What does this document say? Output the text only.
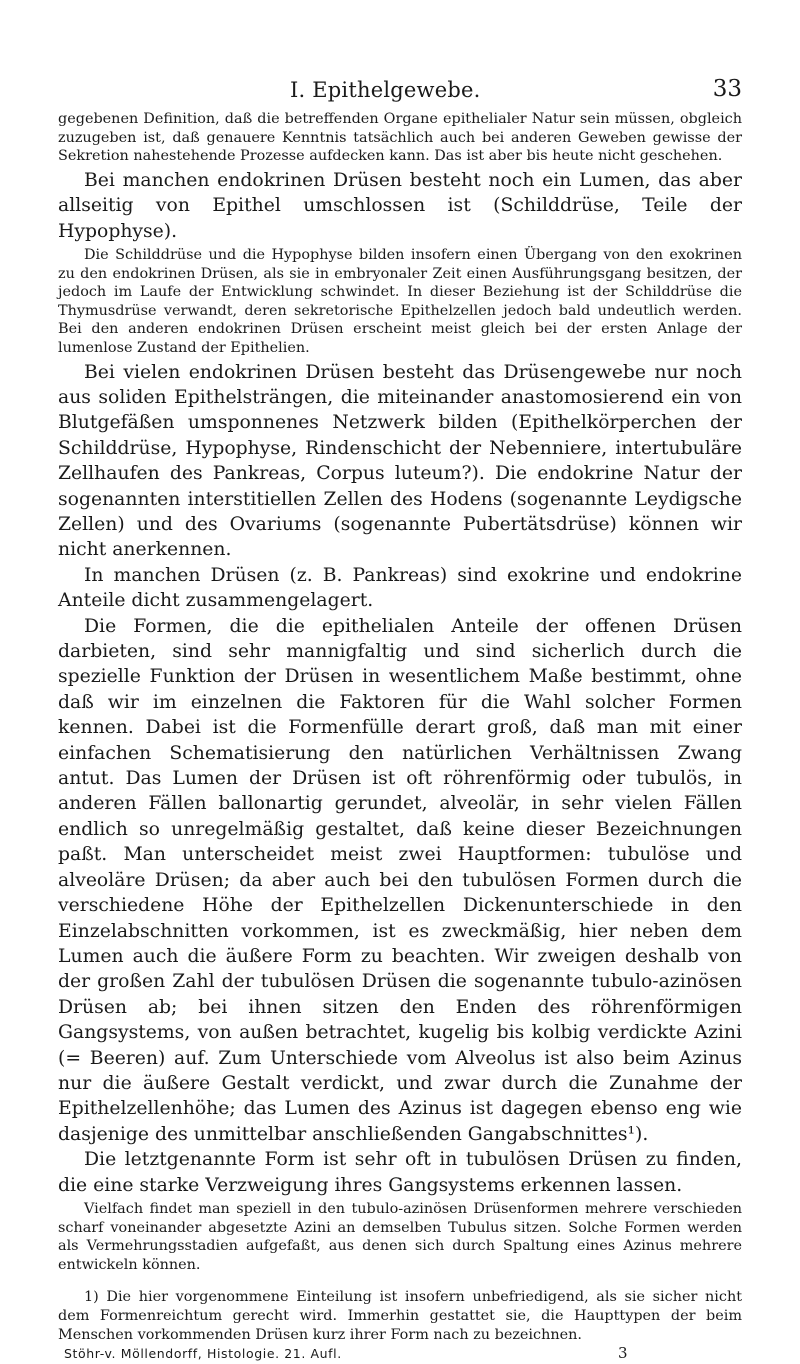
I. Epithelgewebe.	33

gegebenen Definition, daß die betreffenden Organe epithelialer Natur sein müssen, obgleich zuzugeben ist, daß genauere Kenntnis tatsächlich auch bei anderen Geweben gewisse der Sekretion nahestehende Prozesse aufdecken kann. Das ist aber bis heute nicht geschehen.

Bei manchen endokrinen Drüsen besteht noch ein Lumen, das aber allseitig von Epithel umschlossen ist (Schilddrüse, Teile der Hypophyse).

Die Schilddrüse und die Hypophyse bilden insofern einen Übergang von den exokrinen zu den endokrinen Drüsen, als sie in embryonaler Zeit einen Ausführungsgang besitzen, der jedoch im Laufe der Entwicklung schwindet. In dieser Beziehung ist der Schilddrüse die Thymusdrüse verwandt, deren sekretorische Epithelzellen jedoch bald undeutlich werden. Bei den anderen endokrinen Drüsen erscheint meist gleich bei der ersten Anlage der lumenlose Zustand der Epithelien.

Bei vielen endokrinen Drüsen besteht das Drüsengewebe nur noch aus soliden Epithelsträngen, die miteinander anastomosierend ein von Blutgefäßen umsponnenes Netzwerk bilden (Epithelkörperchen der Schilddrüse, Hypophyse, Rindenschicht der Nebenniere, intertubuläre Zellhaufen des Pankreas, Corpus luteum?). Die endokrine Natur der sogenannten interstitiellen Zellen des Hodens (sogenannte Leydigsche Zellen) und des Ovariums (sogenannte Pubertätsdrüse) können wir nicht anerkennen.

In manchen Drüsen (z. B. Pankreas) sind exokrine und endokrine Anteile dicht zusammengelagert.

Die Formen, die die epithelialen Anteile der offenen Drüsen darbieten, sind sehr mannigfaltig und sind sicherlich durch die spezielle Funktion der Drüsen in wesentlichem Maße bestimmt, ohne daß wir im einzelnen die Faktoren für die Wahl solcher Formen kennen. Dabei ist die Formenfülle derart groß, daß man mit einer einfachen Schematisierung den natürlichen Verhältnissen Zwang antut. Das Lumen der Drüsen ist oft röhrenförmig oder tubulös, in anderen Fällen ballonartig gerundet, alveolär, in sehr vielen Fällen endlich so unregelmäßig gestaltet, daß keine dieser Bezeichnungen paßt. Man unterscheidet meist zwei Hauptformen: tubulöse und alveoläre Drüsen; da aber auch bei den tubulösen Formen durch die verschiedene Höhe der Epithelzellen Dickenunterschiede in den Einzelabschnitten vorkommen, ist es zweckmäßig, hier neben dem Lumen auch die äußere Form zu beachten. Wir zweigen deshalb von der großen Zahl der tubulösen Drüsen die sogenannte tubulo-azinösen Drüsen ab; bei ihnen sitzen den Enden des röhrenförmigen Gangsystems, von außen betrachtet, kugelig bis kolbig verdickte Azini (= Beeren) auf. Zum Unterschiede vom Alveolus ist also beim Azinus nur die äußere Gestalt verdickt, und zwar durch die Zunahme der Epithelzellenhöhe; das Lumen des Azinus ist dagegen ebenso eng wie dasjenige des unmittelbar anschließenden Gangabschnittes¹).

Die letztgenannte Form ist sehr oft in tubulösen Drüsen zu finden, die eine starke Verzweigung ihres Gangsystems erkennen lassen.

Vielfach findet man speziell in den tubulo-azinösen Drüsenformen mehrere verschieden scharf voneinander abgesetzte Azini an demselben Tubulus sitzen. Solche Formen werden als Vermehrungsstadien aufgefaßt, aus denen sich durch Spaltung eines Azinus mehrere entwickeln können.

1) Die hier vorgenommene Einteilung ist insofern unbefriedigend, als sie sicher nicht dem Formenreichtum gerecht wird. Immerhin gestattet sie, die Haupttypen der beim Menschen vorkommenden Drüsen kurz ihrer Form nach zu bezeichnen.

Stöhr-v. Möllendorff, Histologie. 21. Aufl.	3
